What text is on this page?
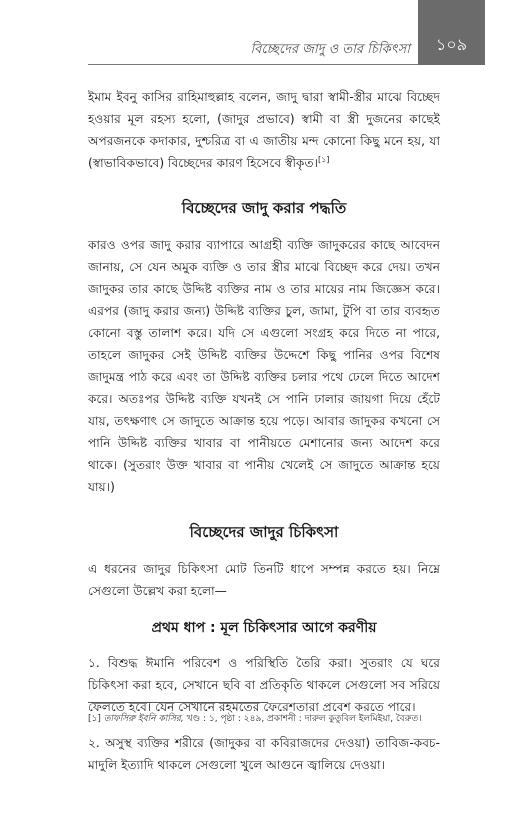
বিচ্ছেদের জাদু ও তার চিকিৎসা ১০৯

ইমাম ইবনু কাসির রাহিমাহুল্লাহ বলেন, জাদু দ্বারা স্বামী-স্ত্রীর মাঝে বিচ্ছেদ হওয়ার মূল রহস্য হলো, (জাদুর প্রভাবে) স্বামী বা স্ত্রী দুজনের কাছেই অপরজনকে কদাকার, দুশ্চরিত্র বা এ জাতীয় মন্দ কোনো কিছু মনে হয়, যা (স্বাভাবিকভাবে) বিচ্ছেদের কারণ হিসেবে স্বীকৃত।[১]

বিচ্ছেদের জাদু করার পদ্ধতি

কারও ওপর জাদু করার ব্যাপারে আগ্রহী ব্যক্তি জাদুকরের কাছে আবেদন জানায়, সে যেন অমুক ব্যক্তি ও তার স্ত্রীর মাঝে বিচ্ছেদ করে দেয়। তখন জাদুকর তার কাছে উদ্দিষ্ট ব্যক্তির নাম ও তার মায়ের নাম জিজ্ঞেস করে। এরপর (জাদু করার জন্য) উদ্দিষ্ট ব্যক্তির চুল, জামা, টুপি বা তার ব্যবহৃত কোনো বস্তু তালাশ করে। যদি সে এগুলো সংগ্রহ করে দিতে না পারে, তাহলে জাদুকর সেই উদ্দিষ্ট ব্যক্তির উদ্দেশে কিছু পানির ওপর বিশেষ জাদুমন্ত্র পাঠ করে এবং তা উদ্দিষ্ট ব্যক্তির চলার পথে ঢেলে দিতে আদেশ করে। অতঃপর উদ্দিষ্ট ব্যক্তি যখনই সে পানি ঢালার জায়গা দিয়ে হেঁটে যায়, তৎক্ষণাৎ সে জাদুতে আক্রান্ত হয়ে পড়ে। আবার জাদুকর কখনো সে পানি উদ্দিষ্ট ব্যক্তির খাবার বা পানীয়তে মেশানোর জন্য আদেশ করে থাকে। (সুতরাং উক্ত খাবার বা পানীয় খেলেই সে জাদুতে আক্রান্ত হয়ে যায়।)

বিচ্ছেদের জাদুর চিকিৎসা

এ ধরনের জাদুর চিকিৎসা মোট তিনটি ধাপে সম্পন্ন করতে হয়। নিম্নে সেগুলো উল্লেখ করা হলো—

প্রথম ধাপ : মূল চিকিৎসার আগে করণীয়

১. বিশুদ্ধ ঈমানি পরিবেশ ও পরিস্থিতি তৈরি করা। সুতরাং যে ঘরে চিকিৎসা করা হবে, সেখানে ছবি বা প্রতিকৃতি থাকলে সেগুলো সব সরিয়ে ফেলতে হবে। যেন সেখানে রহমতের ফেরেশতারা প্রবেশ করতে পারে।

২. অসুস্থ ব্যক্তির শরীরে (জাদুকর বা কবিরাজদের দেওয়া) তাবিজ-কবচ-মাদুলি ইত্যাদি থাকলে সেগুলো খুলে আগুনে জ্বালিয়ে দেওয়া।

[১] তাফসিরু ইবনি কাসির, খণ্ড : ১, পৃষ্ঠা : ২৪৯, প্রকাশনী : দারুল কুতুবিল ইলমিইয়া, বৈরুত।
